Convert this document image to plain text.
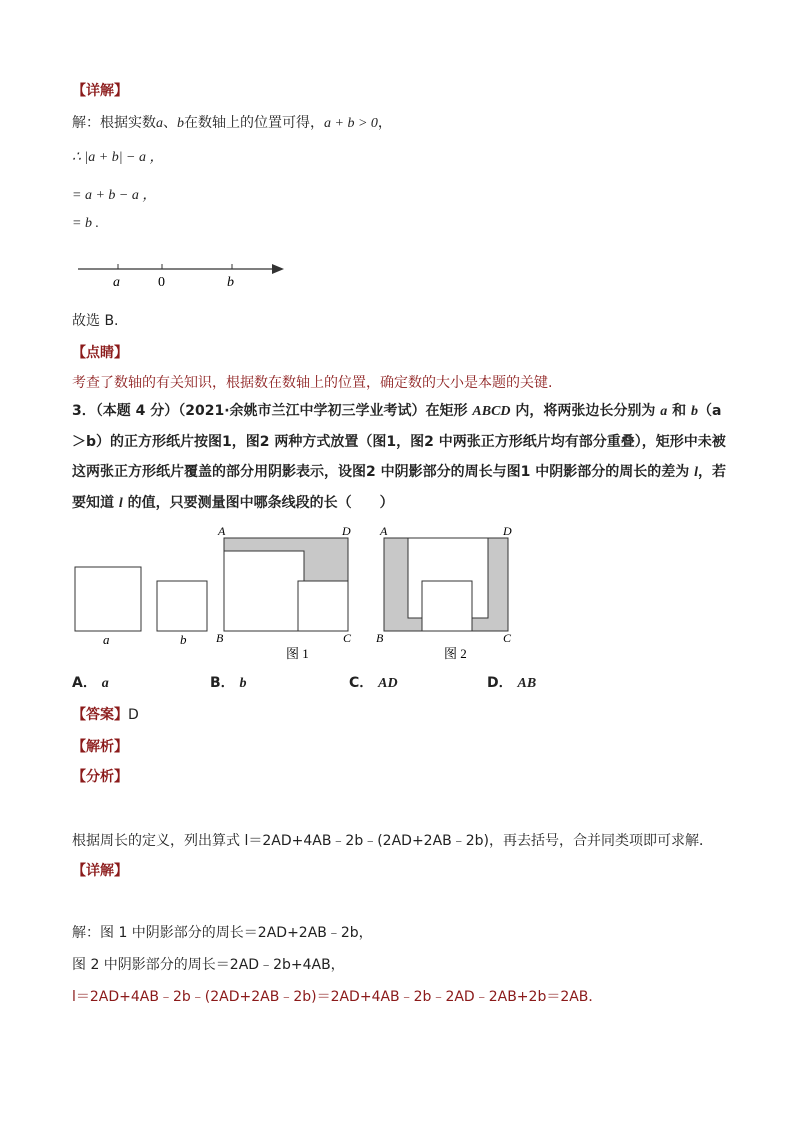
【详解】
解：根据实数a、b在数轴上的位置可得，a + b > 0，
∴ |a + b| − a ，
= a + b − a ，
= b .
a	0	b
故选 B.
【点睛】
考查了数轴的有关知识，根据数在数轴上的位置，确定数的大小是本题的关键.
3．（本题 4 分）（2021·余姚市兰江中学初三学业考试）在矩形 ABCD 内，将两张边长分别为 a 和 b（a＞b）的正方形纸片按图1，图2 两种方式放置（图1，图2 中两张正方形纸片均有部分重叠），矩形中未被这两张正方形纸片覆盖的部分用阴影表示，设图2 中阴影部分的周长与图1 中阴影部分的周长的差为 l，若要知道 l 的值，只要测量图中哪条线段的长（　　）
a	b
A	D
B	C
图 1
A	D
B	C
图 2
A． a	B． b	C． AD	D． AB
【答案】D
【解析】
【分析】
根据周长的定义，列出算式 l＝2AD+4AB﹣2b﹣(2AD+2AB﹣2b)，再去括号，合并同类项即可求解．
【详解】
解：图 1 中阴影部分的周长＝2AD+2AB﹣2b，
图 2 中阴影部分的周长＝2AD﹣2b+4AB，
l＝2AD+4AB﹣2b﹣(2AD+2AB﹣2b)＝2AD+4AB﹣2b﹣2AD﹣2AB+2b＝2AB．
